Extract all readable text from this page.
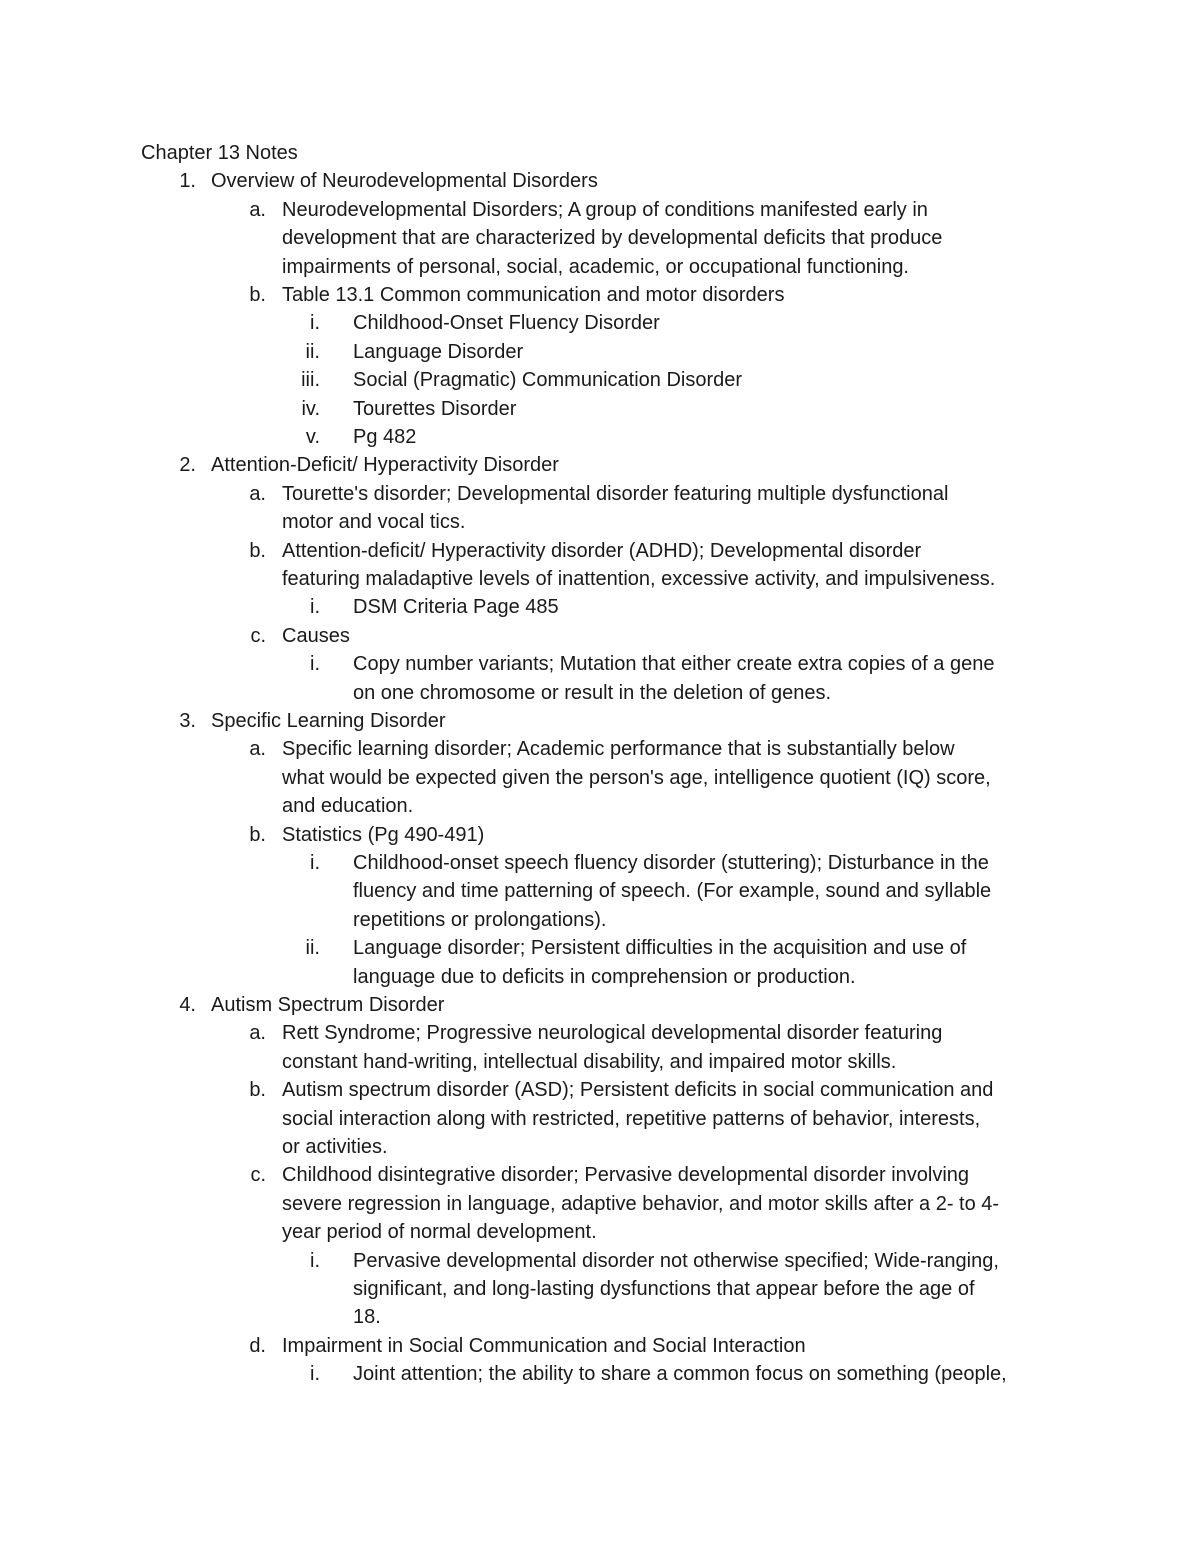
Chapter 13 Notes
1. Overview of Neurodevelopmental Disorders
a. Neurodevelopmental Disorders; A group of conditions manifested early in
development that are characterized by developmental deficits that produce
impairments of personal, social, academic, or occupational functioning.
b. Table 13.1 Common communication and motor disorders
i. Childhood-Onset Fluency Disorder
ii. Language Disorder
iii. Social (Pragmatic) Communication Disorder
iv. Tourettes Disorder
v. Pg 482
2. Attention-Deficit/ Hyperactivity Disorder
a. Tourette's disorder; Developmental disorder featuring multiple dysfunctional
motor and vocal tics.
b. Attention-deficit/ Hyperactivity disorder (ADHD); Developmental disorder
featuring maladaptive levels of inattention, excessive activity, and impulsiveness.
i. DSM Criteria Page 485
c. Causes
i. Copy number variants; Mutation that either create extra copies of a gene
on one chromosome or result in the deletion of genes.
3. Specific Learning Disorder
a. Specific learning disorder; Academic performance that is substantially below
what would be expected given the person's age, intelligence quotient (IQ) score,
and education.
b. Statistics (Pg 490-491)
i. Childhood-onset speech fluency disorder (stuttering); Disturbance in the
fluency and time patterning of speech. (For example, sound and syllable
repetitions or prolongations).
ii. Language disorder; Persistent difficulties in the acquisition and use of
language due to deficits in comprehension or production.
4. Autism Spectrum Disorder
a. Rett Syndrome; Progressive neurological developmental disorder featuring
constant hand-writing, intellectual disability, and impaired motor skills.
b. Autism spectrum disorder (ASD); Persistent deficits in social communication and
social interaction along with restricted, repetitive patterns of behavior, interests,
or activities.
c. Childhood disintegrative disorder; Pervasive developmental disorder involving
severe regression in language, adaptive behavior, and motor skills after a 2- to 4-
year period of normal development.
i. Pervasive developmental disorder not otherwise specified; Wide-ranging,
significant, and long-lasting dysfunctions that appear before the age of
18.
d. Impairment in Social Communication and Social Interaction
i. Joint attention; the ability to share a common focus on something (people,
